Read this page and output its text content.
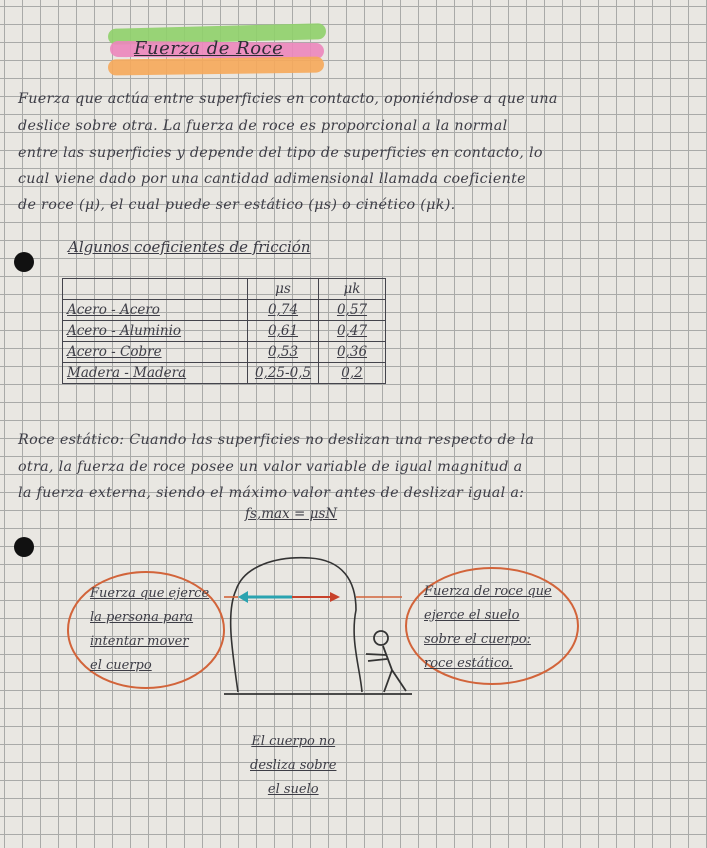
Fuerza de Roce

Fuerza que actúa entre superficies en contacto, oponiéndose a que una

deslice sobre otra. La fuerza de roce es proporcional a la normal

entre las superficies y depende del tipo de superficies en contacto, lo

cual viene dado por una cantidad adimensional llamada coeficiente

de roce (μ), el cual puede ser estático (μs) o cinético (μk).

Algunos coeficientes de fricción
	μs	μk
Acero - Acero	0,74	0,57
Acero - Aluminio	0,61	0,47
Acero - Cobre	0,53	0,36
Madera - Madera	0,25-0,5	0,2

Roce estático: Cuando las superficies no deslizan una respecto de la

otra, la fuerza de roce posee un valor variable de igual magnitud a

la fuerza externa, siendo el máximo valor antes de deslizar igual a:

fs,max = μsN
Fuerza que ejerce
la persona para
intentar mover
el cuerpo
Fuerza de roce que
ejerce el suelo
sobre el cuerpo:
roce estático.
El cuerpo no
desliza sobre
el suelo
